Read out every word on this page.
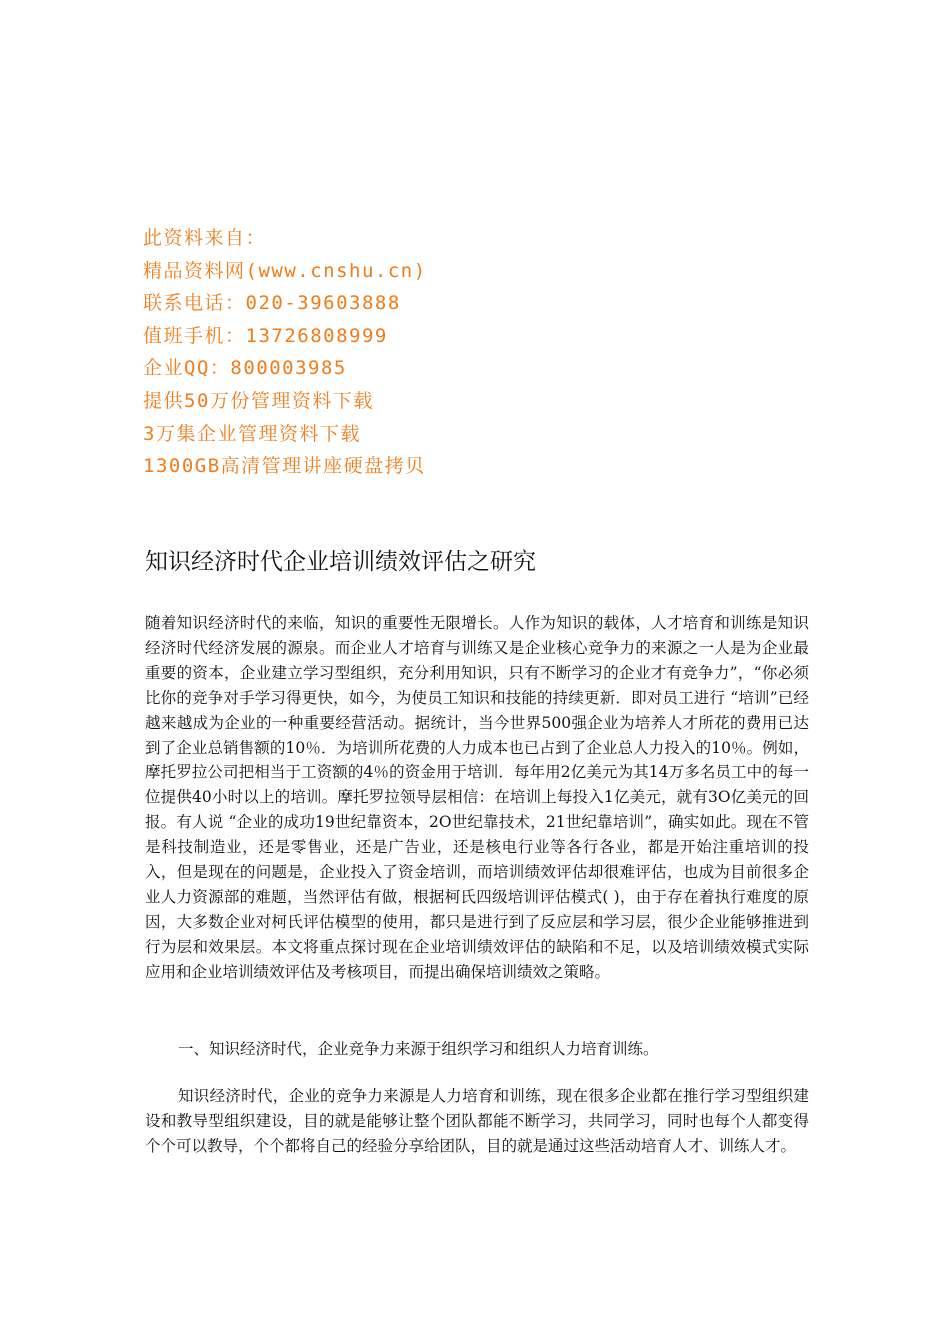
此资料来自：
精品资料网(www.cnshu.cn)
联系电话：020-39603888
值班手机：13726808999
企业QQ：800003985
提供50万份管理资料下载
3万集企业管理资料下载
1300GB高清管理讲座硬盘拷贝
知识经济时代企业培训绩效评估之研究

随着知识经济时代的来临，知识的重要性无限增长。人作为知识的载体，人才培育和训练是知识经济时代经济发展的源泉。而企业人才培育与训练又是企业核心竞争力的来源之一人是为企业最重要的资本，企业建立学习型组织，充分利用知识，只有不断学习的企业才有竞争力”，“你必须比你的竞争对手学习得更快，如今，为使员工知识和技能的持续更新．即对员工进行 “培训”已经越来越成为企业的一种重要经营活动。据统计，当今世界500强企业为培养人才所花的费用已达到了企业总销售额的10％．为培训所花费的人力成本也已占到了企业总人力投入的10％。例如，摩托罗拉公司把相当于工资额的4％的资金用于培训．每年用2亿美元为其14万多名员工中的每一位提供40小时以上的培训。摩托罗拉领导层相信：在培训上每投入1亿美元，就有3O亿美元的回报。有人说 “企业的成功19世纪靠资本，2O世纪靠技术，21世纪靠培训”，确实如此。现在不管是科技制造业，还是零售业，还是广告业，还是核电行业等各行各业，都是开始注重培训的投入，但是现在的问题是，企业投入了资金培训，而培训绩效评估却很难评估，也成为目前很多企业人力资源部的难题，当然评估有做，根据柯氏四级培训评估模式( )，由于存在着执行难度的原因，大多数企业对柯氏评估模型的使用，都只是进行到了反应层和学习层，很少企业能够推进到行为层和效果层。本文将重点探讨现在企业培训绩效评估的缺陷和不足，以及培训绩效模式实际应用和企业培训绩效评估及考核项目，而提出确保培训绩效之策略。

一、知识经济时代，企业竞争力来源于组织学习和组织人力培育训练。

知识经济时代，企业的竞争力来源是人力培育和训练，现在很多企业都在推行学习型组织建设和教导型组织建设，目的就是能够让整个团队都能不断学习，共同学习，同时也每个人都变得个个可以教导，个个都将自己的经验分享给团队，目的就是通过这些活动培育人才、训练人才。
